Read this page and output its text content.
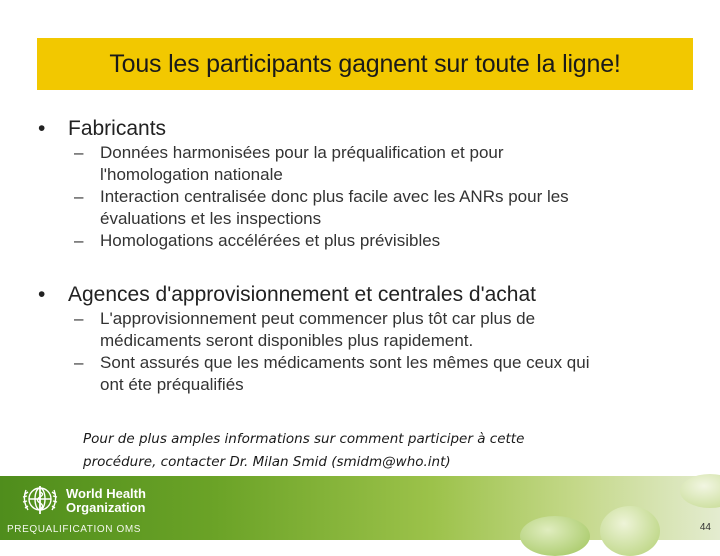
Tous les participants gagnent sur toute la ligne!
•	Fabricants
– Données harmonisées pour la préqualification et pour
l'homologation nationale
– Interaction centralisée donc plus facile avec les ANRs pour les
évaluations et les inspections
– Homologations accélérées et plus prévisibles
•	Agences d'approvisionnement et centrales d'achat
– L'approvisionnement peut commencer plus tôt car plus de
médicaments seront disponibles plus rapidement.
– Sont assurés que les médicaments sont les mêmes que ceux qui
ont éte préqualifiés
Pour de plus amples informations sur comment participer à cette
procédure, contacter Dr. Milan Smid (smidm@who.int)
World Health
Organization
PREQUALIFICATION OMS	44
